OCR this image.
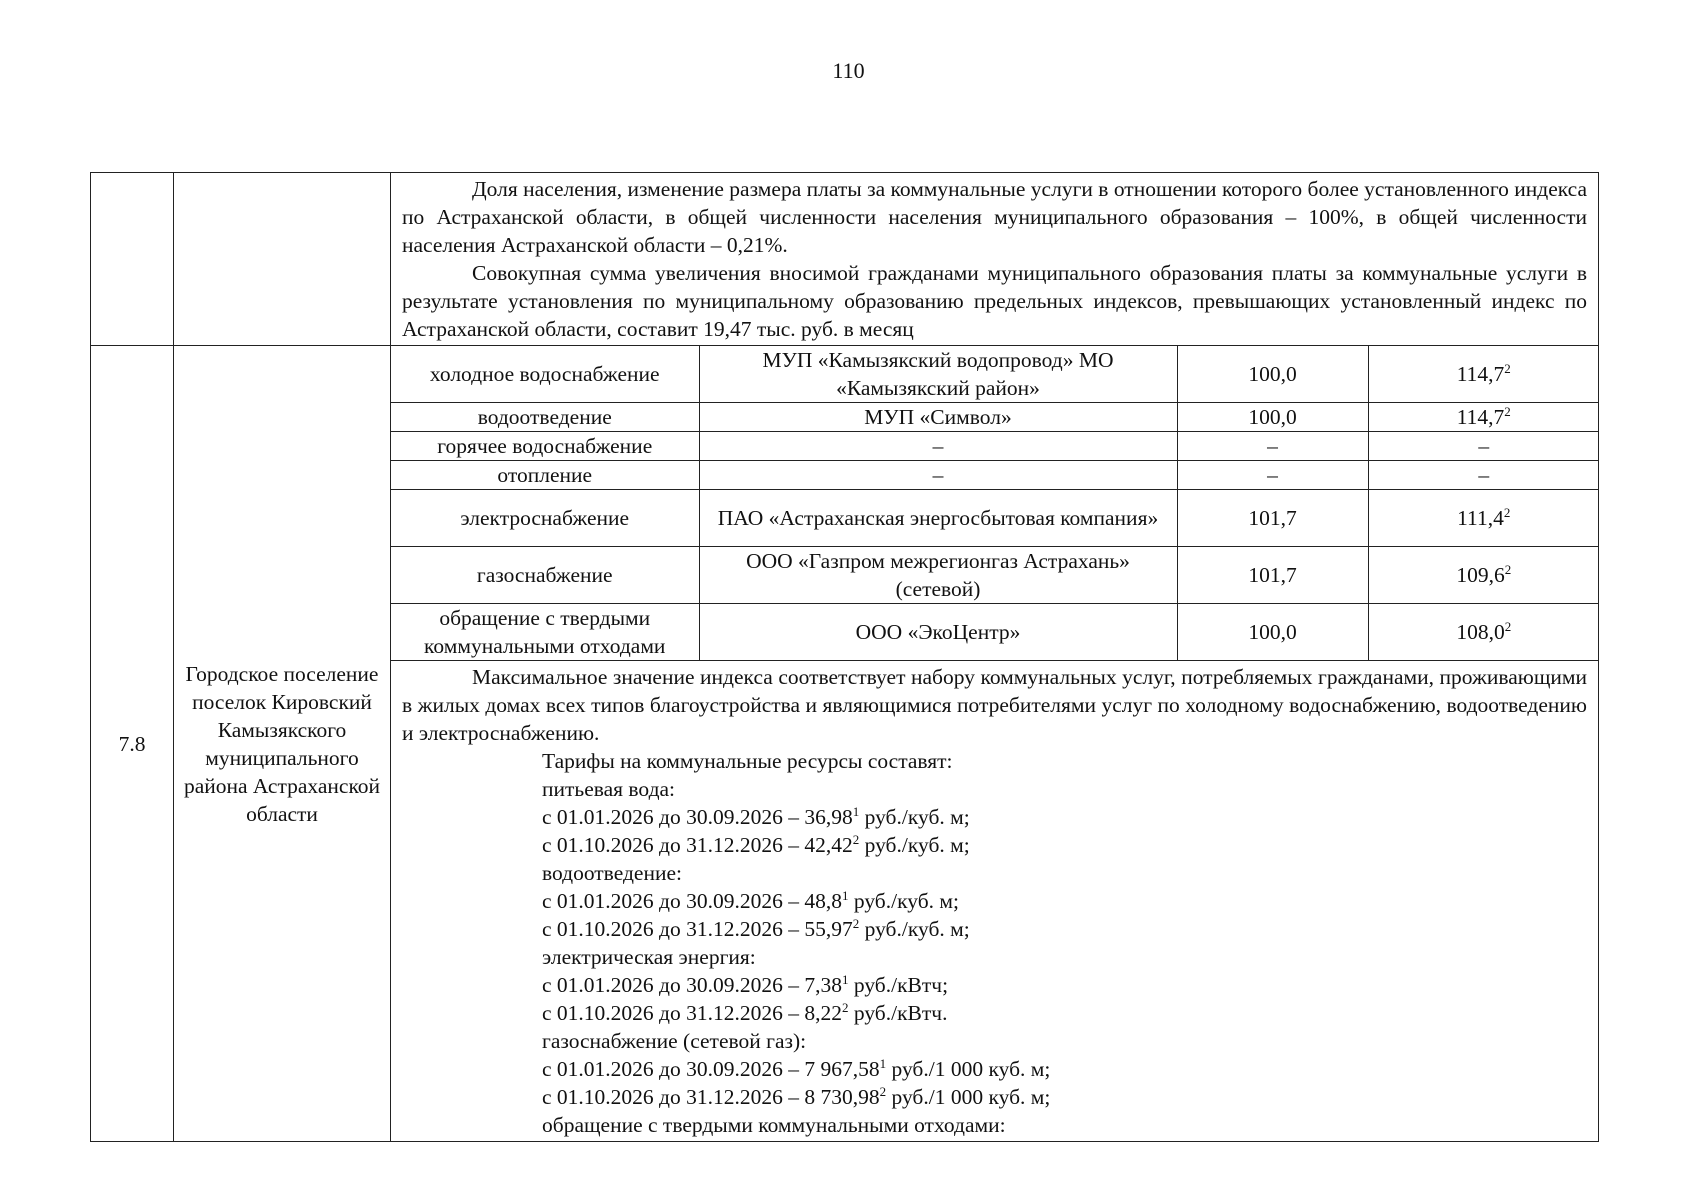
110

Доля населения, изменение размера платы за коммунальные услуги в отношении которого более установленного индекса по Астраханской области, в общей численности населения муниципального образования – 100%, в общей численности населения Астраханской области – 0,21%.

Совокупная сумма увеличения вносимой гражданами муниципального образования платы за коммунальные услуги в результате установления по муниципальному образованию предельных индексов, превышающих установленный индекс по Астраханской области, составит 19,47 тыс. руб. в месяц

7.8	Городское поселение поселок Кировский Камызякского муниципального района Астраханской области	
холодное водоснабжение	МУП «Камызякский водопровод» МО «Камызякский район»	100,0	114,7$^2$
водоотведение	МУП «Символ»	100,0	114,7$^2$
горячее водоснабжение	–	–	–
отопление	–	–	–
электроснабжение	ПАО «Астраханская энергосбытовая компания»	101,7	111,4$^2$
газоснабжение	ООО «Газпром межрегионгаз Астрахань» (сетевой)	101,7	109,6$^2$
обращение с твердыми коммунальными отходами	ООО «ЭкоЦентр»	100,0	108,0$^2$

Максимальное значение индекса соответствует набору коммунальных услуг, потребляемых гражданами, проживающими в жилых домах всех типов благоустройства и являющимися потребителями услуг по холодному водоснабжению, водоотведению и электроснабжению.

Тарифы на коммунальные ресурсы составят:

питьевая вода:

с 01.01.2026 до 30.09.2026 – 36,98$^1$ руб./куб. м;

с 01.10.2026 до 31.12.2026 – 42,42$^2$ руб./куб. м;

водоотведение:

с 01.01.2026 до 30.09.2026 – 48,8$^1$ руб./куб. м;

с 01.10.2026 до 31.12.2026 – 55,97$^2$ руб./куб. м;

электрическая энергия:

с 01.01.2026 до 30.09.2026 – 7,38$^1$ руб./кВтч;

с 01.10.2026 до 31.12.2026 – 8,22$^2$ руб./кВтч.

газоснабжение (сетевой газ):

с 01.01.2026 до 30.09.2026 – 7 967,58$^1$ руб./1 000 куб. м;

с 01.10.2026 до 31.12.2026 – 8 730,98$^2$ руб./1 000 куб. м;

обращение с твердыми коммунальными отходами:
